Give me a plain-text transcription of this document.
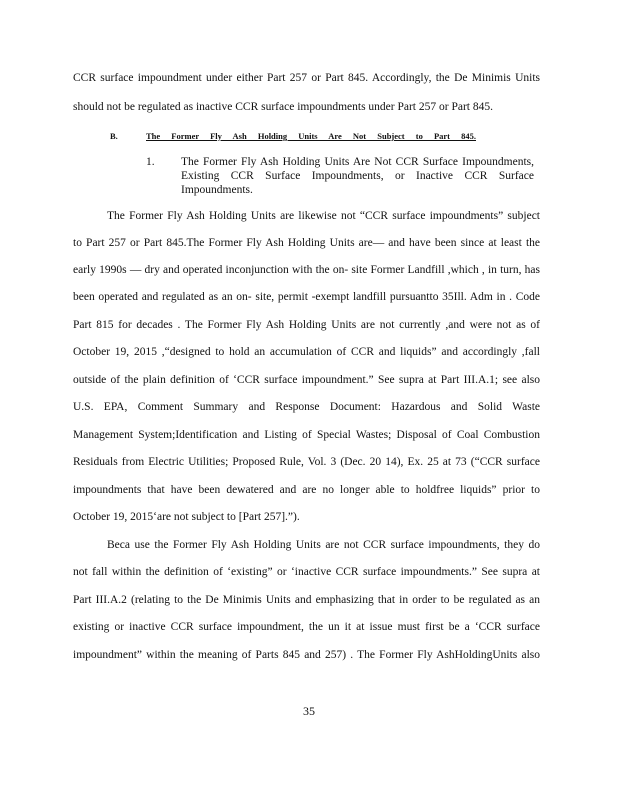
CCR surface impoundment under either Part 257 or Part 845. Accordingly, the De Minimis Units
should not be regulated as inactive CCR surface impoundments under Part 257 or Part 845.
B.	The Former Fly Ash Holding Units Are Not Subject to Part 845.
1. The Former Fly Ash Holding Units Are Not CCR Surface Impoundments,
Existing CCR Surface Impoundments, or Inactive CCR Surface
Impoundments.
The Former Fly Ash Holding Units are likewise not “CCR surface impoundments” subject
to Part 257 or Part 845.The Former Fly Ash Holding Units are— and have been since at least the
early 1990s — dry and operated inconjunction with the on- site Former Landfill ,which , in turn, has
been operated and regulated as an on- site, permit -exempt landfill pursuantto 35Ill. Adm in . Code
Part 815 for decades . The Former Fly Ash Holding Units are not currently ,and were not as of
October 19, 2015 ,“designed to hold an accumulation of CCR and liquids” and accordingly ,fall
outside of the plain definition of ‘CCR surface impoundment.” See supra at Part III.A.1; see also
U.S. EPA, Comment Summary and Response Document: Hazardous and Solid Waste
Management System;Identification and Listing of Special Wastes; Disposal of Coal Combustion
Residuals from Electric Utilities; Proposed Rule, Vol. 3 (Dec. 20 14), Ex. 25 at 73 (“CCR surface
impoundments that have been dewatered and are no longer able to holdfree liquids” prior to
October 19, 2015‘are not subject to [Part 257].”).
Beca use the Former Fly Ash Holding Units are not CCR surface impoundments, they do
not fall within the definition of ‘existing” or ‘inactive CCR surface impoundments.” See supra at
Part III.A.2 (relating to the De Minimis Units and emphasizing that in order to be regulated as an
existing or inactive CCR surface impoundment, the un it at issue must first be a ‘CCR surface
impoundment” within the meaning of Parts 845 and 257) . The Former Fly AshHoldingUnits also
35
